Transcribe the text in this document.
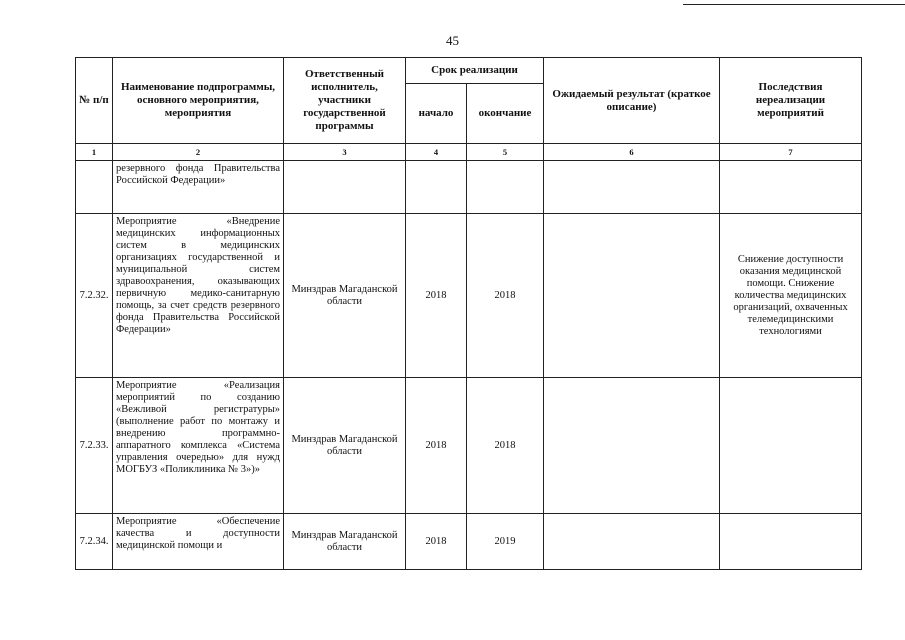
45
№ п/п	Наименование подпрограммы, основного мероприятия, мероприятия	Ответственный исполнитель, участники государственной программы	Срок реализации		Ожидаемый результат (краткое описание)	Последствия нереализации мероприятий
			начало	окончание		
1	2	3	4	5	6	7
	резервного фонда Правительства Российской Федерации»					
7.2.32.	Мероприятие «Внедрение медицинских информационных систем в медицинских организациях государственной и муниципальной систем здравоохранения, оказывающих первичную медико-санитарную помощь, за счет средств резервного фонда Правительства Российской Федерации»	Минздрав Магаданской области	2018	2018		Снижение доступности оказания медицинской помощи. Снижение количества медицинских организаций, охваченных телемедицинскими технологиями
7.2.33.	Мероприятие «Реализация мероприятий по созданию «Вежливой регистратуры» (выполнение работ по монтажу и внедрению программно-аппаратного комплекса «Система управления очередью» для нужд МОГБУЗ «Поликлиника № 3»)»	Минздрав Магаданской области	2018	2018		
7.2.34.	Мероприятие «Обеспечение качества и доступности медицинской помощи и	Минздрав Магаданской области	2018	2019		
